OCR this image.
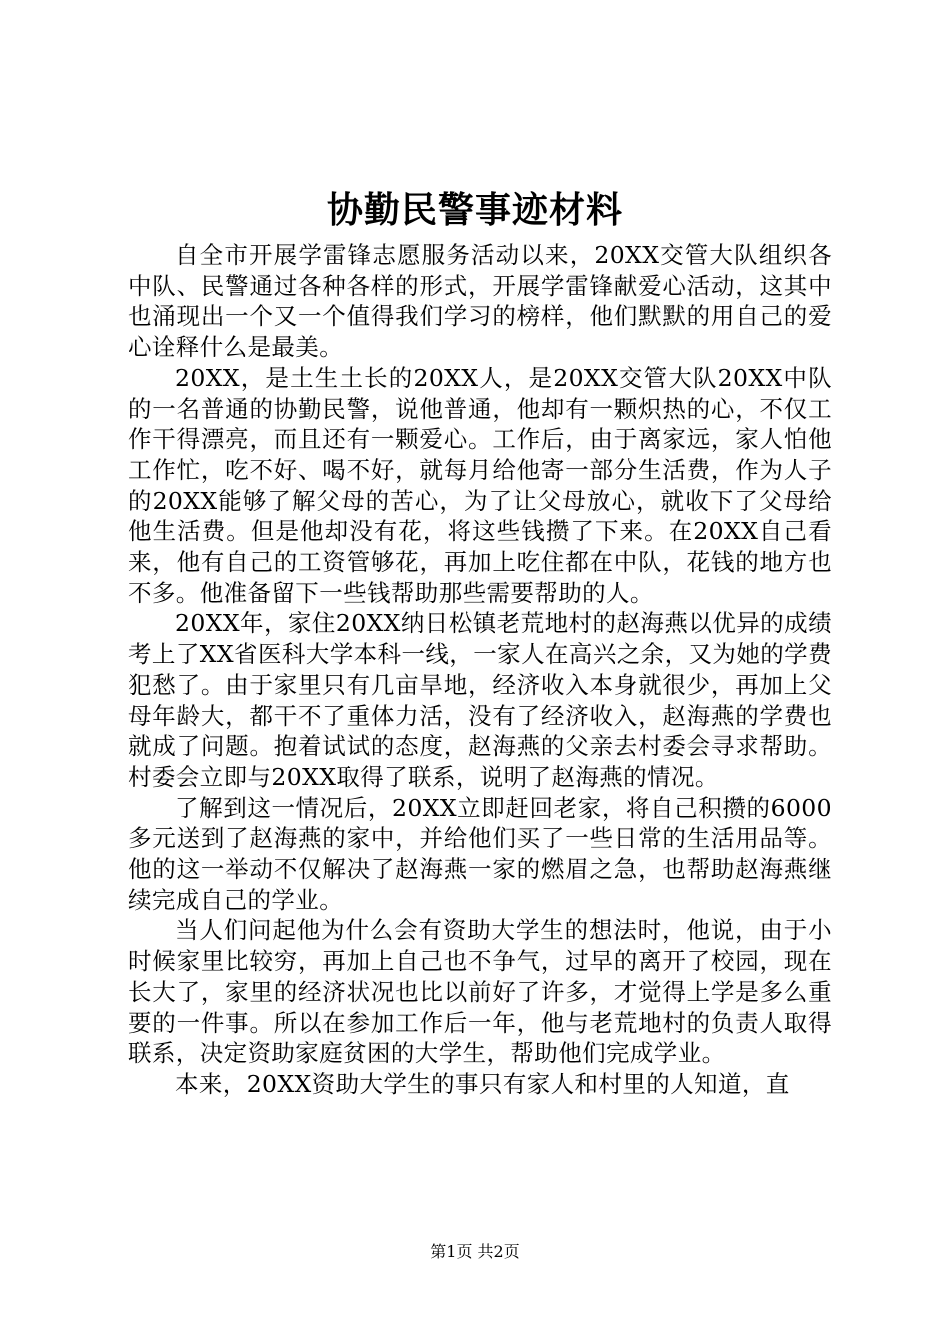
协勤民警事迹材料

自全市开展学雷锋志愿服务活动以来，20XX交管大队组织各中队、民警通过各种各样的形式，开展学雷锋献爱心活动，这其中也涌现出一个又一个值得我们学习的榜样，他们默默的用自己的爱心诠释什么是最美。

20XX，是土生土长的20XX人，是20XX交管大队20XX中队的一名普通的协勤民警，说他普通，他却有一颗炽热的心，不仅工作干得漂亮，而且还有一颗爱心。工作后，由于离家远，家人怕他工作忙，吃不好、喝不好，就每月给他寄一部分生活费，作为人子的20XX能够了解父母的苦心，为了让父母放心，就收下了父母给他生活费。但是他却没有花，将这些钱攒了下来。在20XX自己看来，他有自己的工资管够花，再加上吃住都在中队，花钱的地方也不多。他准备留下一些钱帮助那些需要帮助的人。

20XX年，家住20XX纳日松镇老荒地村的赵海燕以优异的成绩考上了XX省医科大学本科一线，一家人在高兴之余，又为她的学费犯愁了。由于家里只有几亩旱地，经济收入本身就很少，再加上父母年龄大，都干不了重体力活，没有了经济收入，赵海燕的学费也就成了问题。抱着试试的态度，赵海燕的父亲去村委会寻求帮助。村委会立即与20XX取得了联系，说明了赵海燕的情况。

了解到这一情况后，20XX立即赶回老家，将自己积攒的6000多元送到了赵海燕的家中，并给他们买了一些日常的生活用品等。他的这一举动不仅解决了赵海燕一家的燃眉之急，也帮助赵海燕继续完成自己的学业。

当人们问起他为什么会有资助大学生的想法时，他说，由于小时候家里比较穷，再加上自己也不争气，过早的离开了校园，现在长大了，家里的经济状况也比以前好了许多，才觉得上学是多么重要的一件事。所以在参加工作后一年，他与老荒地村的负责人取得联系，决定资助家庭贫困的大学生，帮助他们完成学业。

本来，20XX资助大学生的事只有家人和村里的人知道，直

第1页 共2页
